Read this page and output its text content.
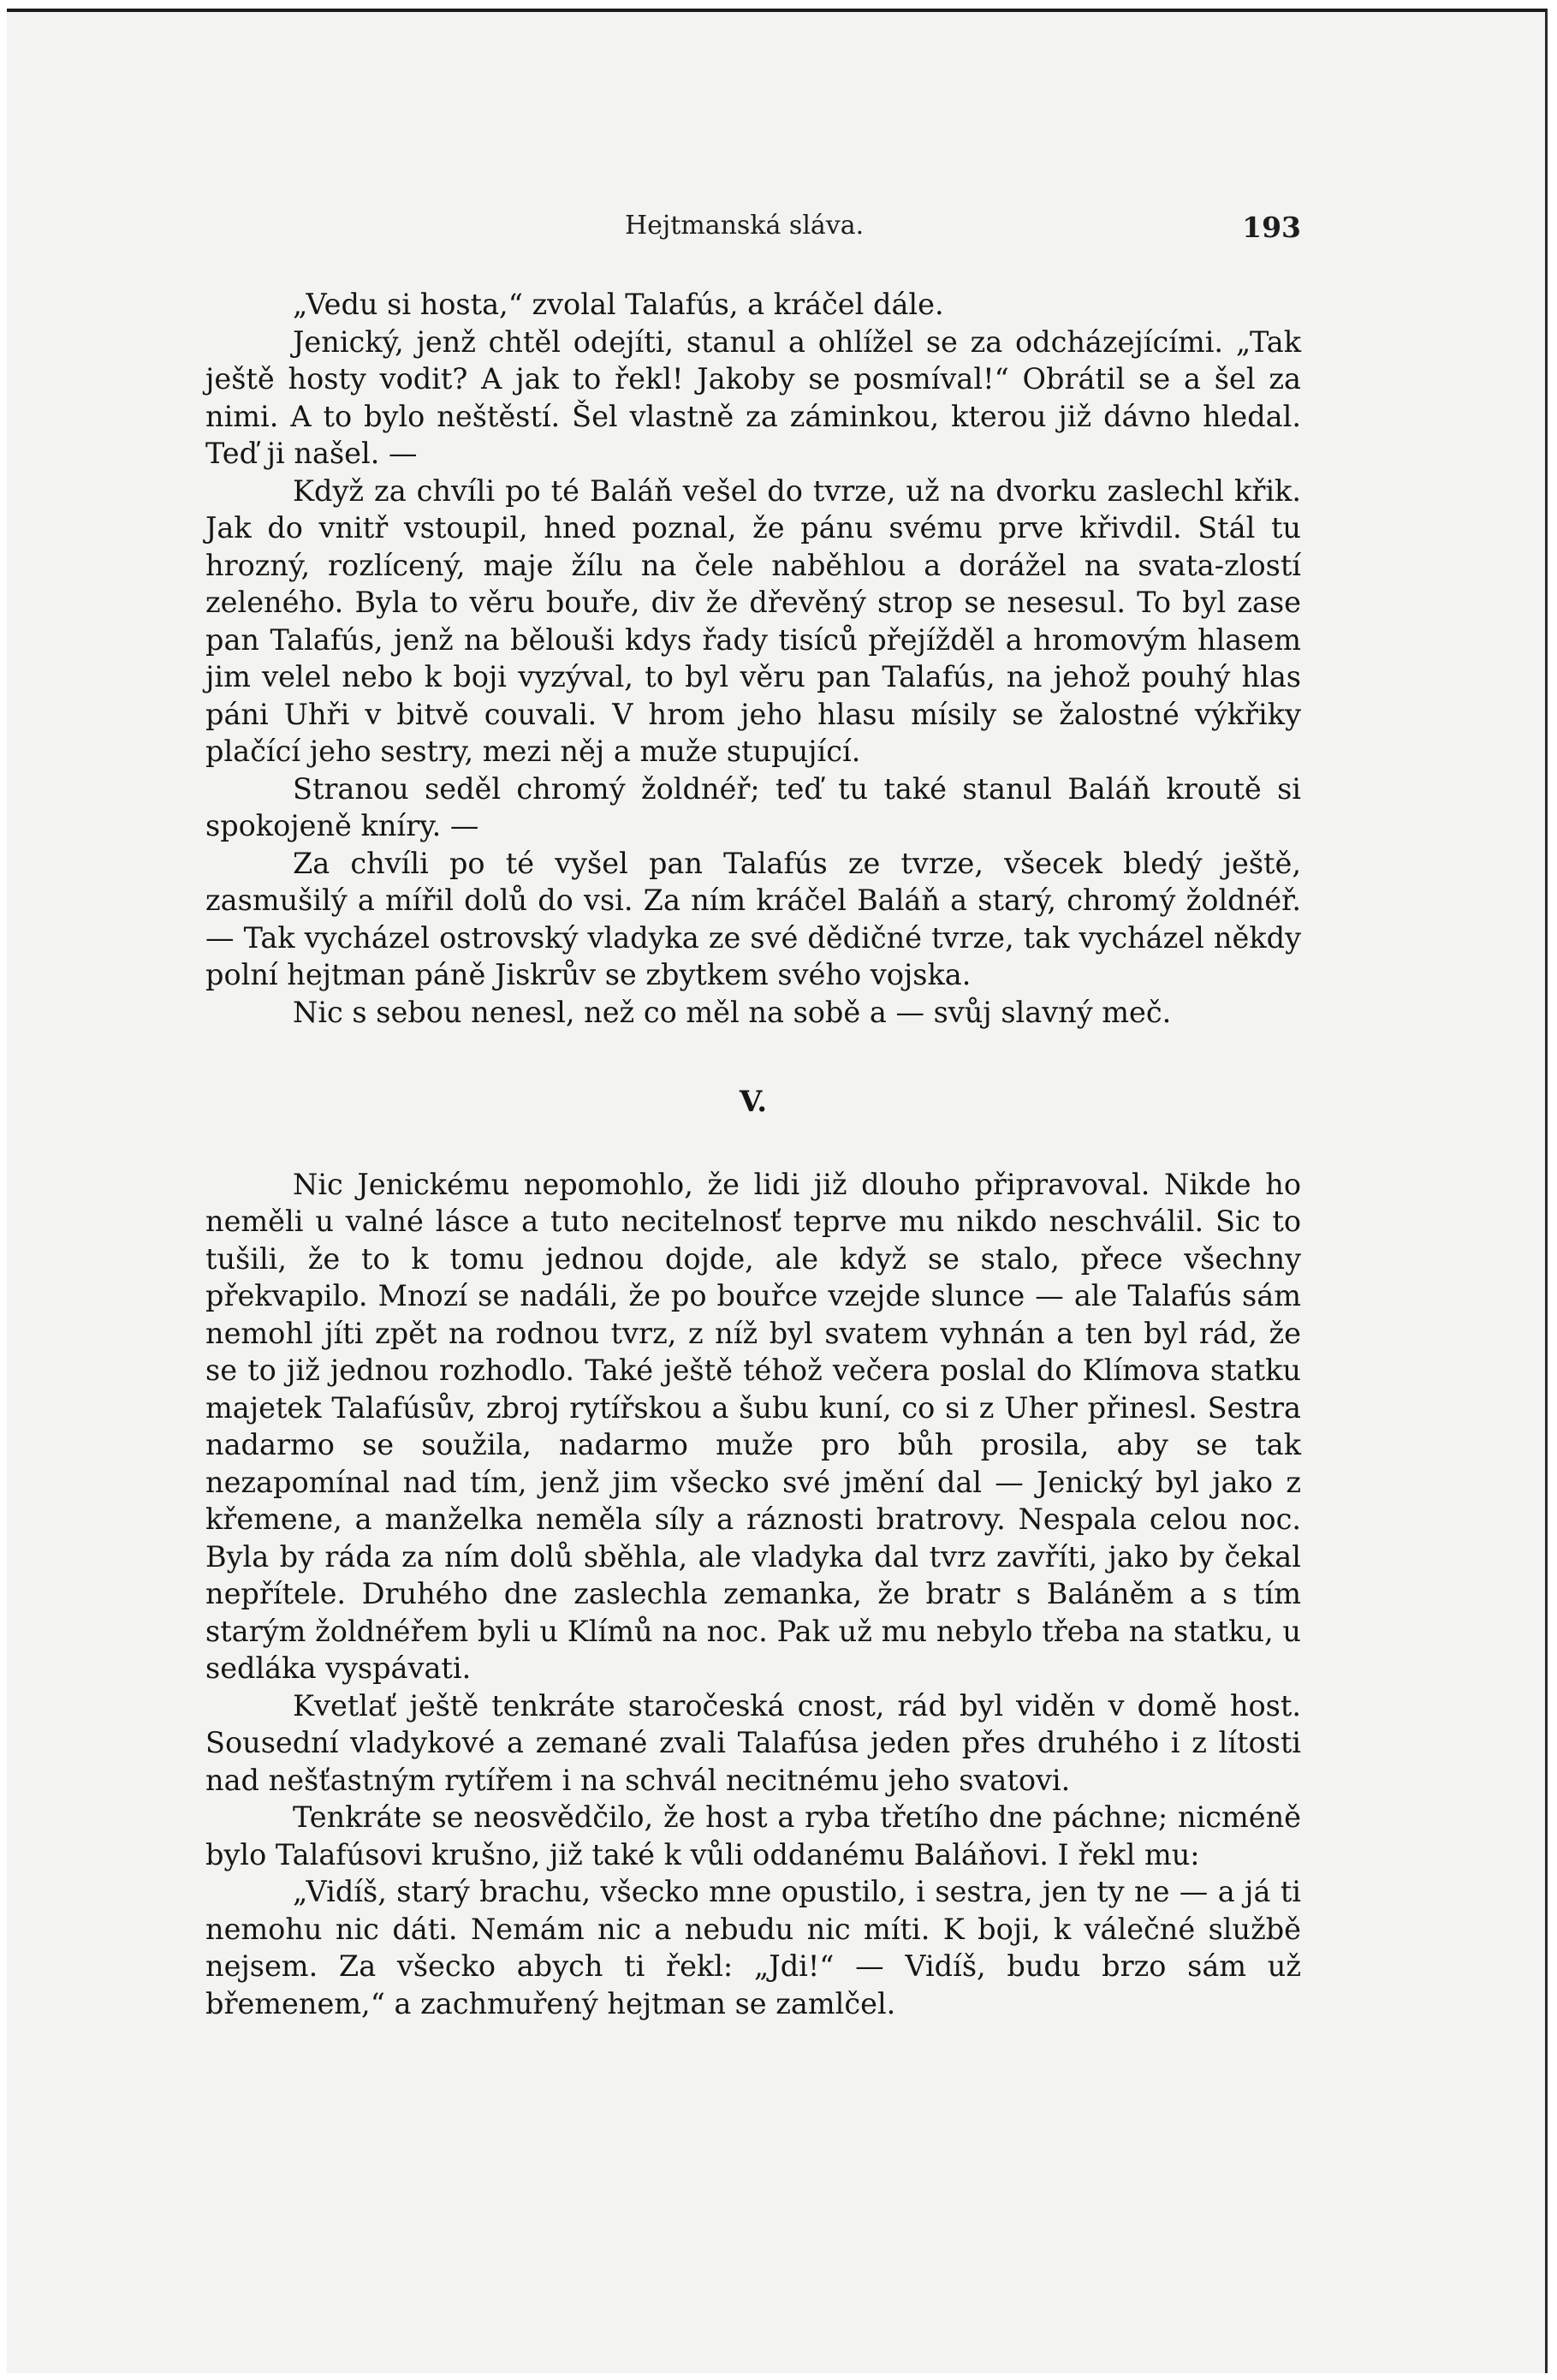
Hejtmanská sláva.	193

„Vedu si hosta,“ zvolal Talafús, a kráčel dále.

Jenický, jenž chtěl odejíti, stanul a ohlížel se za odcházejícími. „Tak ještě hosty vodit? A jak to řekl! Jakoby se posmíval!“ Obrátil se a šel za nimi. A to bylo neštěstí. Šel vlastně za záminkou, kterou již dávno hledal. Teď ji našel. —

Když za chvíli po té Baláň vešel do tvrze, už na dvorku zaslechl křik. Jak do vnitř vstoupil, hned poznal, že pánu svému prve křivdil. Stál tu hrozný, rozlícený, maje žílu na čele naběhlou a dorážel na svata-zlostí zeleného. Byla to věru bouře, div že dřevěný strop se nesesul. To byl zase pan Talafús, jenž na bělouši kdys řady tisíců přejížděl a hromovým hlasem jim velel nebo k boji vyzýval, to byl věru pan Talafús, na jehož pouhý hlas páni Uhři v bitvě couvali. V hrom jeho hlasu mísily se žalostné výkřiky plačící jeho sestry, mezi něj a muže stupující.

Stranou seděl chromý žoldnéř; teď tu také stanul Baláň kroutě si spokojeně kníry. —

Za chvíli po té vyšel pan Talafús ze tvrze, všecek bledý ještě, zasmušilý a mířil dolů do vsi. Za ním kráčel Baláň a starý, chromý žoldnéř. — Tak vycházel ostrovský vladyka ze své dědičné tvrze, tak vycházel někdy polní hejtman páně Jiskrův se zbytkem svého vojska.

Nic s sebou nenesl, než co měl na sobě a — svůj slavný meč.

V.

Nic Jenickému nepomohlo, že lidi již dlouho připravoval. Nikde ho neměli u valné lásce a tuto necitelnosť teprve mu nikdo neschválil. Sic to tušili, že to k tomu jednou dojde, ale když se stalo, přece všechny překvapilo. Mnozí se nadáli, že po bouřce vzejde slunce — ale Talafús sám nemohl jíti zpět na rodnou tvrz, z níž byl svatem vyhnán a ten byl rád, že se to již jednou rozhodlo. Také ještě téhož večera poslal do Klímova statku majetek Talafúsův, zbroj rytířskou a šubu kuní, co si z Uher přinesl. Sestra nadarmo se soužila, nadarmo muže pro bůh prosila, aby se tak nezapomínal nad tím, jenž jim všecko své jmění dal — Jenický byl jako z křemene, a manželka neměla síly a ráznosti bratrovy. Nespala celou noc. Byla by ráda za ním dolů sběhla, ale vladyka dal tvrz zavříti, jako by čekal nepřítele. Druhého dne zaslechla zemanka, že bratr s Baláněm a s tím starým žoldnéřem byli u Klímů na noc. Pak už mu nebylo třeba na statku, u sedláka vyspávati.

Kvetlať ještě tenkráte staročeská cnost, rád byl viděn v domě host. Sousední vladykové a zemané zvali Talafúsa jeden přes druhého i z lítosti nad nešťastným rytířem i na schvál necitnému jeho svatovi.

Tenkráte se neosvědčilo, že host a ryba třetího dne páchne; nicméně bylo Talafúsovi krušno, již také k vůli oddanému Baláňovi. I řekl mu:

„Vidíš, starý brachu, všecko mne opustilo, i sestra, jen ty ne — a já ti nemohu nic dáti. Nemám nic a nebudu nic míti. K boji, k válečné službě nejsem. Za všecko abych ti řekl: „Jdi!“ — Vidíš, budu brzo sám už břemenem,“ a zachmuřený hejtman se zamlčel.
